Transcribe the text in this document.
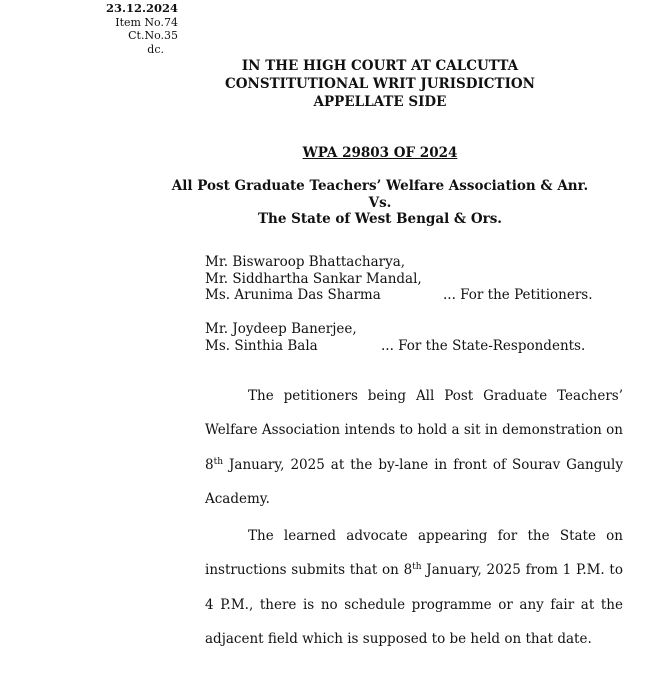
23.12.2024
Item No.74
Ct.No.35
dc.
IN THE HIGH COURT AT CALCUTTA
CONSTITUTIONAL WRIT JURISDICTION
APPELLATE SIDE
WPA 29803 OF 2024
All Post Graduate Teachers’ Welfare Association & Anr.
Vs.
The State of West Bengal & Ors.
Mr. Biswaroop Bhattacharya,
Mr. Siddhartha Sankar Mandal,
Ms. Arunima Das Sharma	... For the Petitioners.
Mr. Joydeep Banerjee,
Ms. Sinthia Bala	... For the State-Respondents.

The petitioners being All Post Graduate Teachers’ Welfare Association intends to hold a sit in demonstration on 8th January, 2025 at the by-lane in front of Sourav Ganguly Academy.

The learned advocate appearing for the State on instructions submits that on 8th January, 2025 from 1 P.M. to 4 P.M., there is no schedule programme or any fair at the adjacent field which is supposed to be held on that date.
